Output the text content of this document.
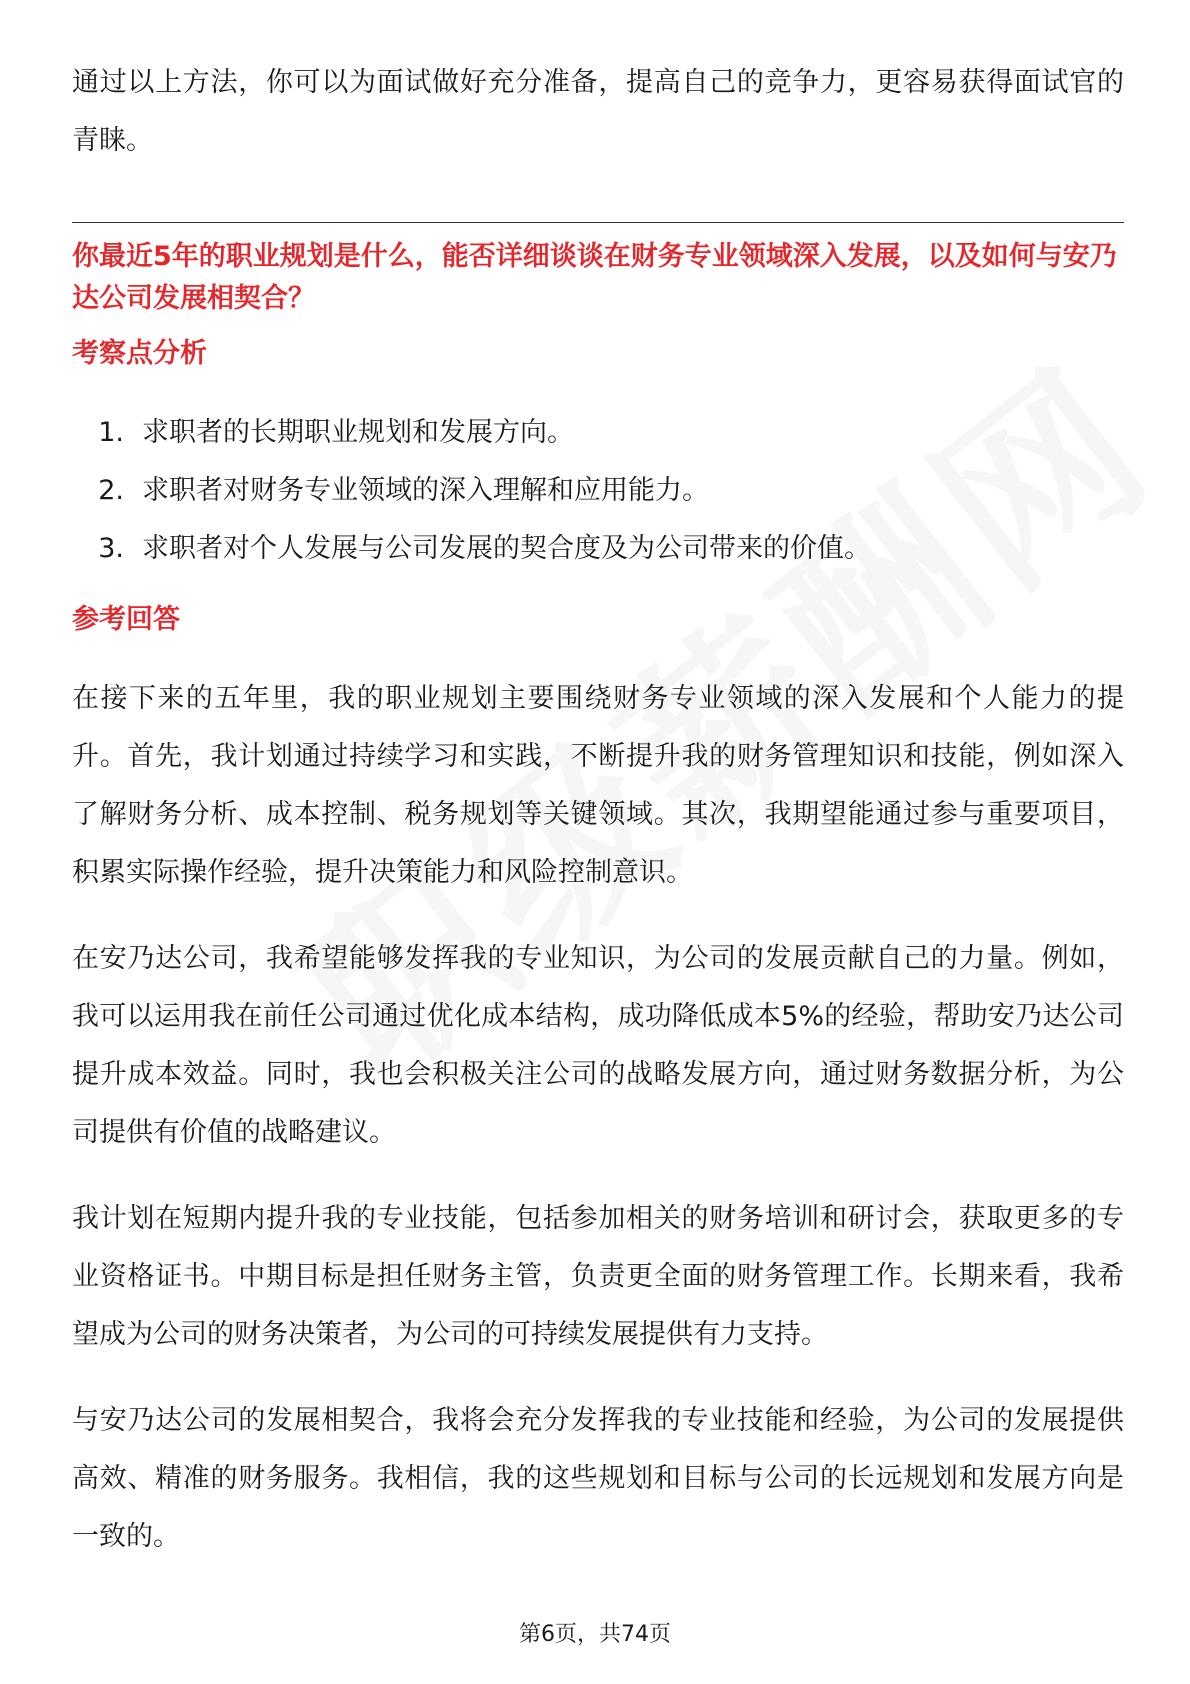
通过以上方法，你可以为面试做好充分准备，提高自己的竞争力，更容易获得面试官的青睐。

你最近5年的职业规划是什么，能否详细谈谈在财务专业领域深入发展，以及如何与安乃达公司发展相契合？
考察点分析
1. 求职者的长期职业规划和发展方向。
2. 求职者对财务专业领域的深入理解和应用能力。
3. 求职者对个人发展与公司发展的契合度及为公司带来的价值。
参考回答

在接下来的五年里，我的职业规划主要围绕财务专业领域的深入发展和个人能力的提升。首先，我计划通过持续学习和实践，不断提升我的财务管理知识和技能，例如深入了解财务分析、成本控制、税务规划等关键领域。其次，我期望能通过参与重要项目，积累实际操作经验，提升决策能力和风险控制意识。

在安乃达公司，我希望能够发挥我的专业知识，为公司的发展贡献自己的力量。例如，我可以运用我在前任公司通过优化成本结构，成功降低成本5%的经验，帮助安乃达公司提升成本效益。同时，我也会积极关注公司的战略发展方向，通过财务数据分析，为公司提供有价值的战略建议。

我计划在短期内提升我的专业技能，包括参加相关的财务培训和研讨会，获取更多的专业资格证书。中期目标是担任财务主管，负责更全面的财务管理工作。长期来看，我希望成为公司的财务决策者，为公司的可持续发展提供有力支持。

与安乃达公司的发展相契合，我将会充分发挥我的专业技能和经验，为公司的发展提供高效、精准的财务服务。我相信，我的这些规划和目标与公司的长远规划和发展方向是一致的。

第6页，共74页
